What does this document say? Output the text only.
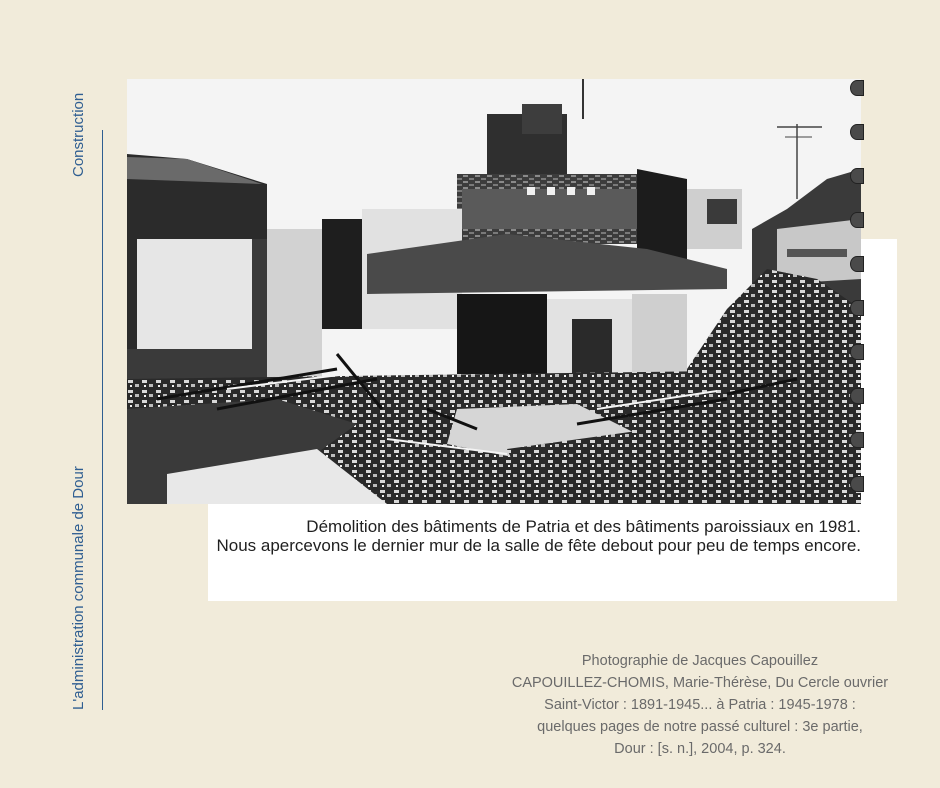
Construction
L'administration communale de Dour	Démolition des bâtiments de Patria et des bâtiments paroissiaux en 1981.

Nous apercevons le dernier mur de la salle de fête debout pour peu de temps encore.

Photographie de Jacques Capouillez

CAPOUILLEZ-CHOMIS, Marie-Thérèse, Du Cercle ouvrier

Saint-Victor : 1891-1945... à Patria : 1945-1978 :

quelques pages de notre passé culturel : 3e partie,

Dour : [s. n.], 2004, p. 324.
